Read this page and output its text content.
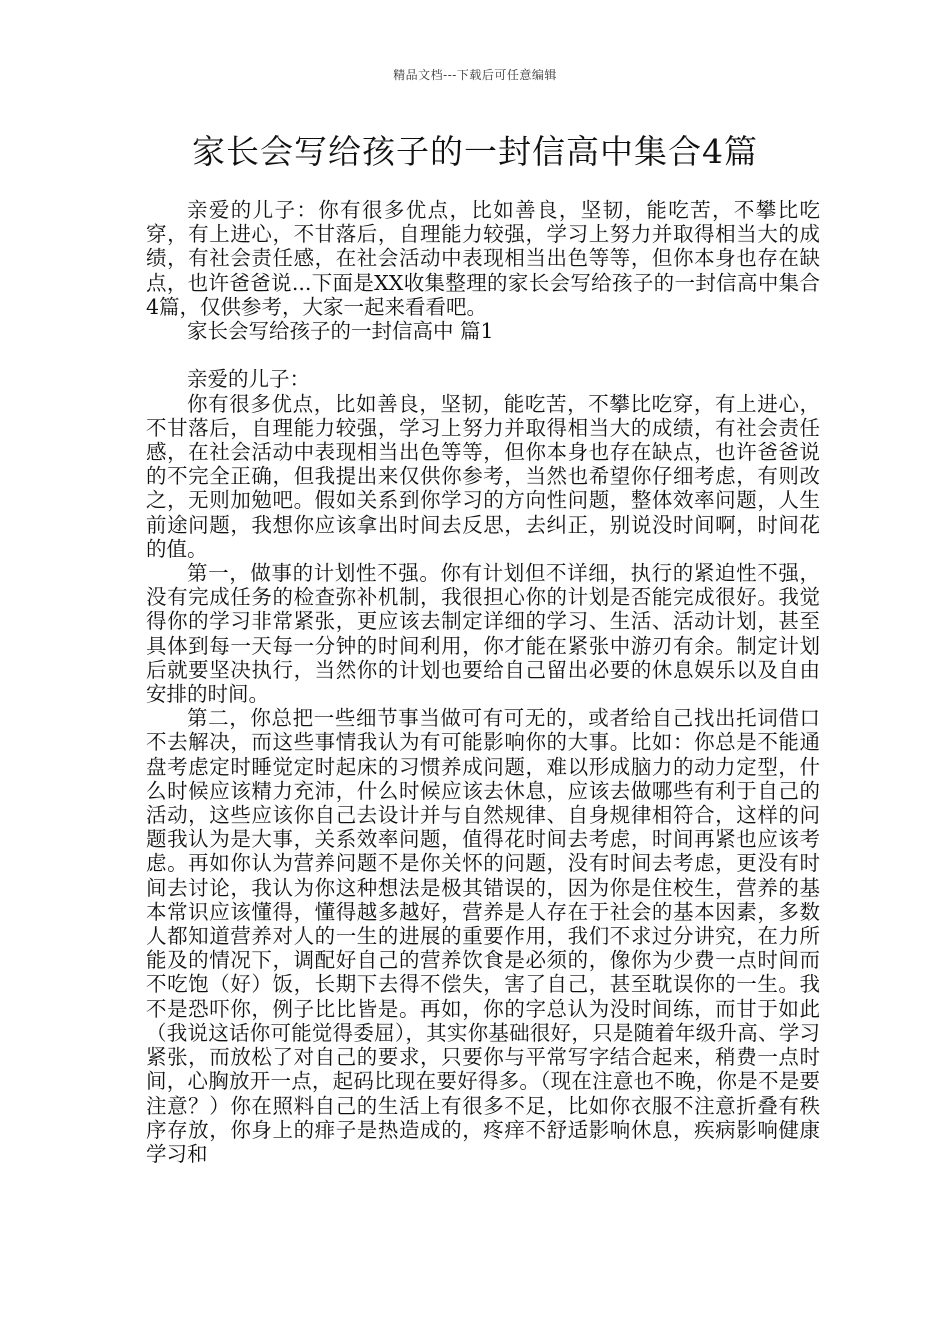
精品文档---下载后可任意编辑
家长会写给孩子的一封信高中集合4篇

亲爱的儿子：你有很多优点，比如善良，坚韧，能吃苦，不攀比吃穿，有上进心，不甘落后，自理能力较强，学习上努力并取得相当大的成绩，有社会责任感，在社会活动中表现相当出色等等，但你本身也存在缺点，也许爸爸说...下面是XX收集整理的家长会写给孩子的一封信高中集合4篇，仅供参考，大家一起来看看吧。

家长会写给孩子的一封信高中 篇1

亲爱的儿子：

你有很多优点，比如善良，坚韧，能吃苦，不攀比吃穿，有上进心，不甘落后，自理能力较强，学习上努力并取得相当大的成绩，有社会责任感，在社会活动中表现相当出色等等，但你本身也存在缺点，也许爸爸说的不完全正确，但我提出来仅供你参考，当然也希望你仔细考虑，有则改之，无则加勉吧。假如关系到你学习的方向性问题，整体效率问题，人生前途问题，我想你应该拿出时间去反思，去纠正，别说没时间啊，时间花的值。

第一，做事的计划性不强。你有计划但不详细，执行的紧迫性不强，没有完成任务的检查弥补机制，我很担心你的计划是否能完成很好。我觉得你的学习非常紧张，更应该去制定详细的学习、生活、活动计划，甚至具体到每一天每一分钟的时间利用，你才能在紧张中游刃有余。制定计划后就要坚决执行，当然你的计划也要给自己留出必要的休息娱乐以及自由安排的时间。

第二，你总把一些细节事当做可有可无的，或者给自己找出托词借口不去解决，而这些事情我认为有可能影响你的大事。比如：你总是不能通盘考虑定时睡觉定时起床的习惯养成问题，难以形成脑力的动力定型，什么时候应该精力充沛，什么时候应该去休息，应该去做哪些有利于自己的活动，这些应该你自己去设计并与自然规律、自身规律相符合，这样的问题我认为是大事，关系效率问题，值得花时间去考虑，时间再紧也应该考虑。再如你认为营养问题不是你关怀的问题，没有时间去考虑，更没有时间去讨论，我认为你这种想法是极其错误的，因为你是住校生，营养的基本常识应该懂得，懂得越多越好，营养是人存在于社会的基本因素，多数人都知道营养对人的一生的进展的重要作用，我们不求过分讲究，在力所能及的情况下，调配好自己的营养饮食是必须的，像你为少费一点时间而不吃饱（好）饭，长期下去得不偿失，害了自己，甚至耽误你的一生。我不是恐吓你，例子比比皆是。再如，你的字总认为没时间练，而甘于如此（我说这话你可能觉得委屈），其实你基础很好，只是随着年级升高、学习紧张，而放松了对自己的要求，只要你与平常写字结合起来，稍费一点时间，心胸放开一点，起码比现在要好得多。（现在注意也不晚，你是不是要注意？）你在照料自己的生活上有很多不足，比如你衣服不注意折叠有秩序存放，你身上的痱子是热造成的，疼痒不舒适影响休息，疾病影响健康学习和
